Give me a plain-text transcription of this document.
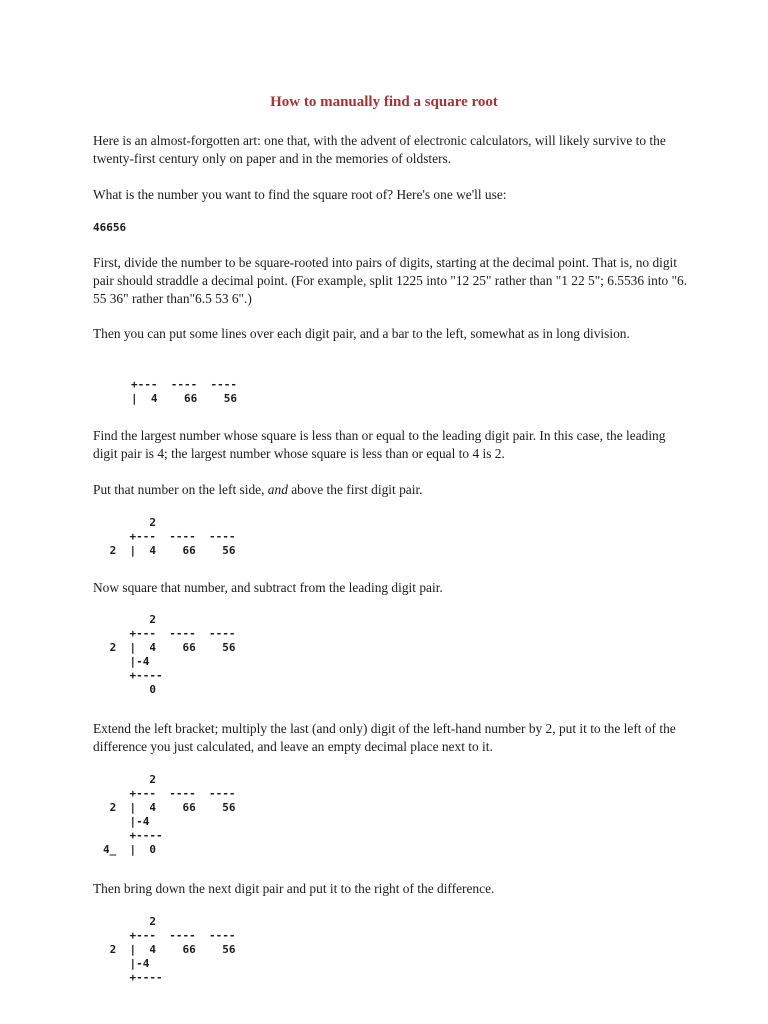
How to manually find a square root
Here is an almost-forgotten art: one that, with the advent of electronic calculators, will likely survive to the twenty-first century only on paper and in the memories of oldsters.
What is the number you want to find the square root of? Here's one we'll use:
46656
First, divide the number to be square-rooted into pairs of digits, starting at the decimal point. That is, no digit pair should straddle a decimal point. (For example, split 1225 into "12 25" rather than "1 22 5"; 6.5536 into "6. 55 36" rather than"6.5 53 6".)
Then you can put some lines over each digit pair, and a bar to the left, somewhat as in long division.
+---  ----  ----
|  4    66    56
Find the largest number whose square is less than or equal to the leading digit pair. In this case, the leading digit pair is 4; the largest number whose square is less than or equal to 4 is 2.
Put that number on the left side, and above the first digit pair.
2
+---  ----  ----
2  |  4    66    56
Now square that number, and subtract from the leading digit pair.
2
+---  ----  ----
2  |  4    66    56
|-4
+----
0
Extend the left bracket; multiply the last (and only) digit of the left-hand number by 2, put it to the left of the difference you just calculated, and leave an empty decimal place next to it.
2
+---  ----  ----
2  |  4    66    56
|-4
+----
4_  |  0
Then bring down the next digit pair and put it to the right of the difference.
2
+---  ----  ----
2  |  4    66    56
|-4
+----
